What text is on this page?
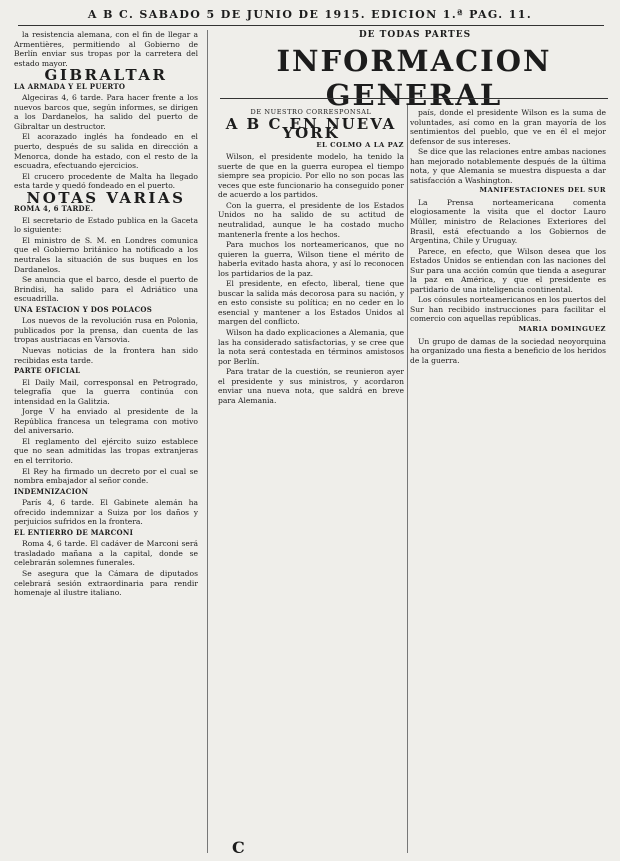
A B C. SABADO 5 DE JUNIO DE 1915. EDICION 1.ª PAG. 11.

la resistencia alemana, con el fin de llegar a Armentières, permitiendo al Gobierno de Berlín enviar sus tropas por la carretera del estado mayor.

GIBRALTAR
LA ARMADA Y EL PUERTO

Algeciras 4, 6 tarde. Para hacer frente a los nuevos barcos que, según informes, se dirigen a los Dardanelos, ha salido del puerto de Gibraltar un destructor.

El acorazado inglés ha fondeado en el puerto, después de su salida en dirección a Menorca, donde ha estado, con el resto de la escuadra, efectuando ejercicios.

El crucero procedente de Malta ha llegado esta tarde y quedó fondeado en el puerto.

NOTAS VARIAS
ROMA 4, 6 TARDE.

El secretario de Estado publica en la Gaceta lo siguiente:

El ministro de S. M. en Londres comunica que el Gobierno británico ha notificado a los neutrales la situación de sus buques en los Dardanelos.

Se anuncia que el barco, desde el puerto de Brindisi, ha salido para el Adriático una escuadrilla.

UNA ESTACION Y DOS POLACOS

Los nuevos de la revolución rusa en Polonia, publicados por la prensa, dan cuenta de las tropas austriacas en Varsovia.

Nuevas noticias de la frontera han sido recibidas esta tarde.

PARTE OFICIAL

El Daily Mail, corresponsal en Petrogrado, telegrafía que la guerra continúa con intensidad en la Galitzia.

Jorge V ha enviado al presidente de la República francesa un telegrama con motivo del aniversario.

El reglamento del ejército suizo establece que no sean admitidas las tropas extranjeras en el territorio.

El Rey ha firmado un decreto por el cual se nombra embajador al señor conde.

INDEMNIZACION

París 4, 6 tarde. El Gabinete alemán ha ofrecido indemnizar a Suiza por los daños y perjuicios sufridos en la frontera.

EL ENTIERRO DE MARCONI

Roma 4, 6 tarde. El cadáver de Marconi será trasladado mañana a la capital, donde se celebrarán solemnes funerales.

Se asegura que la Cámara de diputados celebrará sesión extraordinaria para rendir homenaje al ilustre italiano.

DE TODAS PARTES
INFORMACION GENERAL
DE NUESTRO CORRESPONSAL
A B C EN NUEVA YORK
EL COLMO A LA PAZ

Wilson, el presidente modelo, ha tenido la suerte de que en la guerra europea el tiempo siempre sea propicio. Por ello no son pocas las veces que este funcionario ha conseguido poner de acuerdo a los partidos.

Con la guerra, el presidente de los Estados Unidos no ha salido de su actitud de neutralidad, aunque le ha costado mucho mantenerla frente a los hechos.

Para muchos los norteamericanos, que no quieren la guerra, Wilson tiene el mérito de haberla evitado hasta ahora, y así lo reconocen los partidarios de la paz.

El presidente, en efecto, liberal, tiene que buscar la salida más decorosa para su nación, y en esto consiste su política; en no ceder en lo esencial y mantener a los Estados Unidos al margen del conflicto.

Wilson ha dado explicaciones a Alemania, que las ha considerado satisfactorias, y se cree que la nota será contestada en términos amistosos por Berlín.

Para tratar de la cuestión, se reunieron ayer el presidente y sus ministros, y acordaron enviar una nueva nota, que saldrá en breve para Alemania.

país, donde el presidente Wilson es la suma de voluntades, así como en la gran mayoría de los sentimientos del pueblo, que ve en él el mejor defensor de sus intereses.

Se dice que las relaciones entre ambas naciones han mejorado notablemente después de la última nota, y que Alemania se muestra dispuesta a dar satisfacción a Washington.

MANIFESTACIONES DEL SUR

La Prensa norteamericana comenta elogiosamente la visita que el doctor Lauro Müller, ministro de Relaciones Exteriores del Brasil, está efectuando a los Gobiernos de Argentina, Chile y Uruguay.

Parece, en efecto, que Wilson desea que los Estados Unidos se entiendan con las naciones del Sur para una acción común que tienda a asegurar la paz en América, y que el presidente es partidario de una inteligencia continental.

Los cónsules norteamericanos en los puertos del Sur han recibido instrucciones para facilitar el comercio con aquellas repúblicas.

MARIA DOMINGUEZ

Un grupo de damas de la sociedad neoyorquina ha organizado una fiesta a beneficio de los heridos de la guerra.

C
